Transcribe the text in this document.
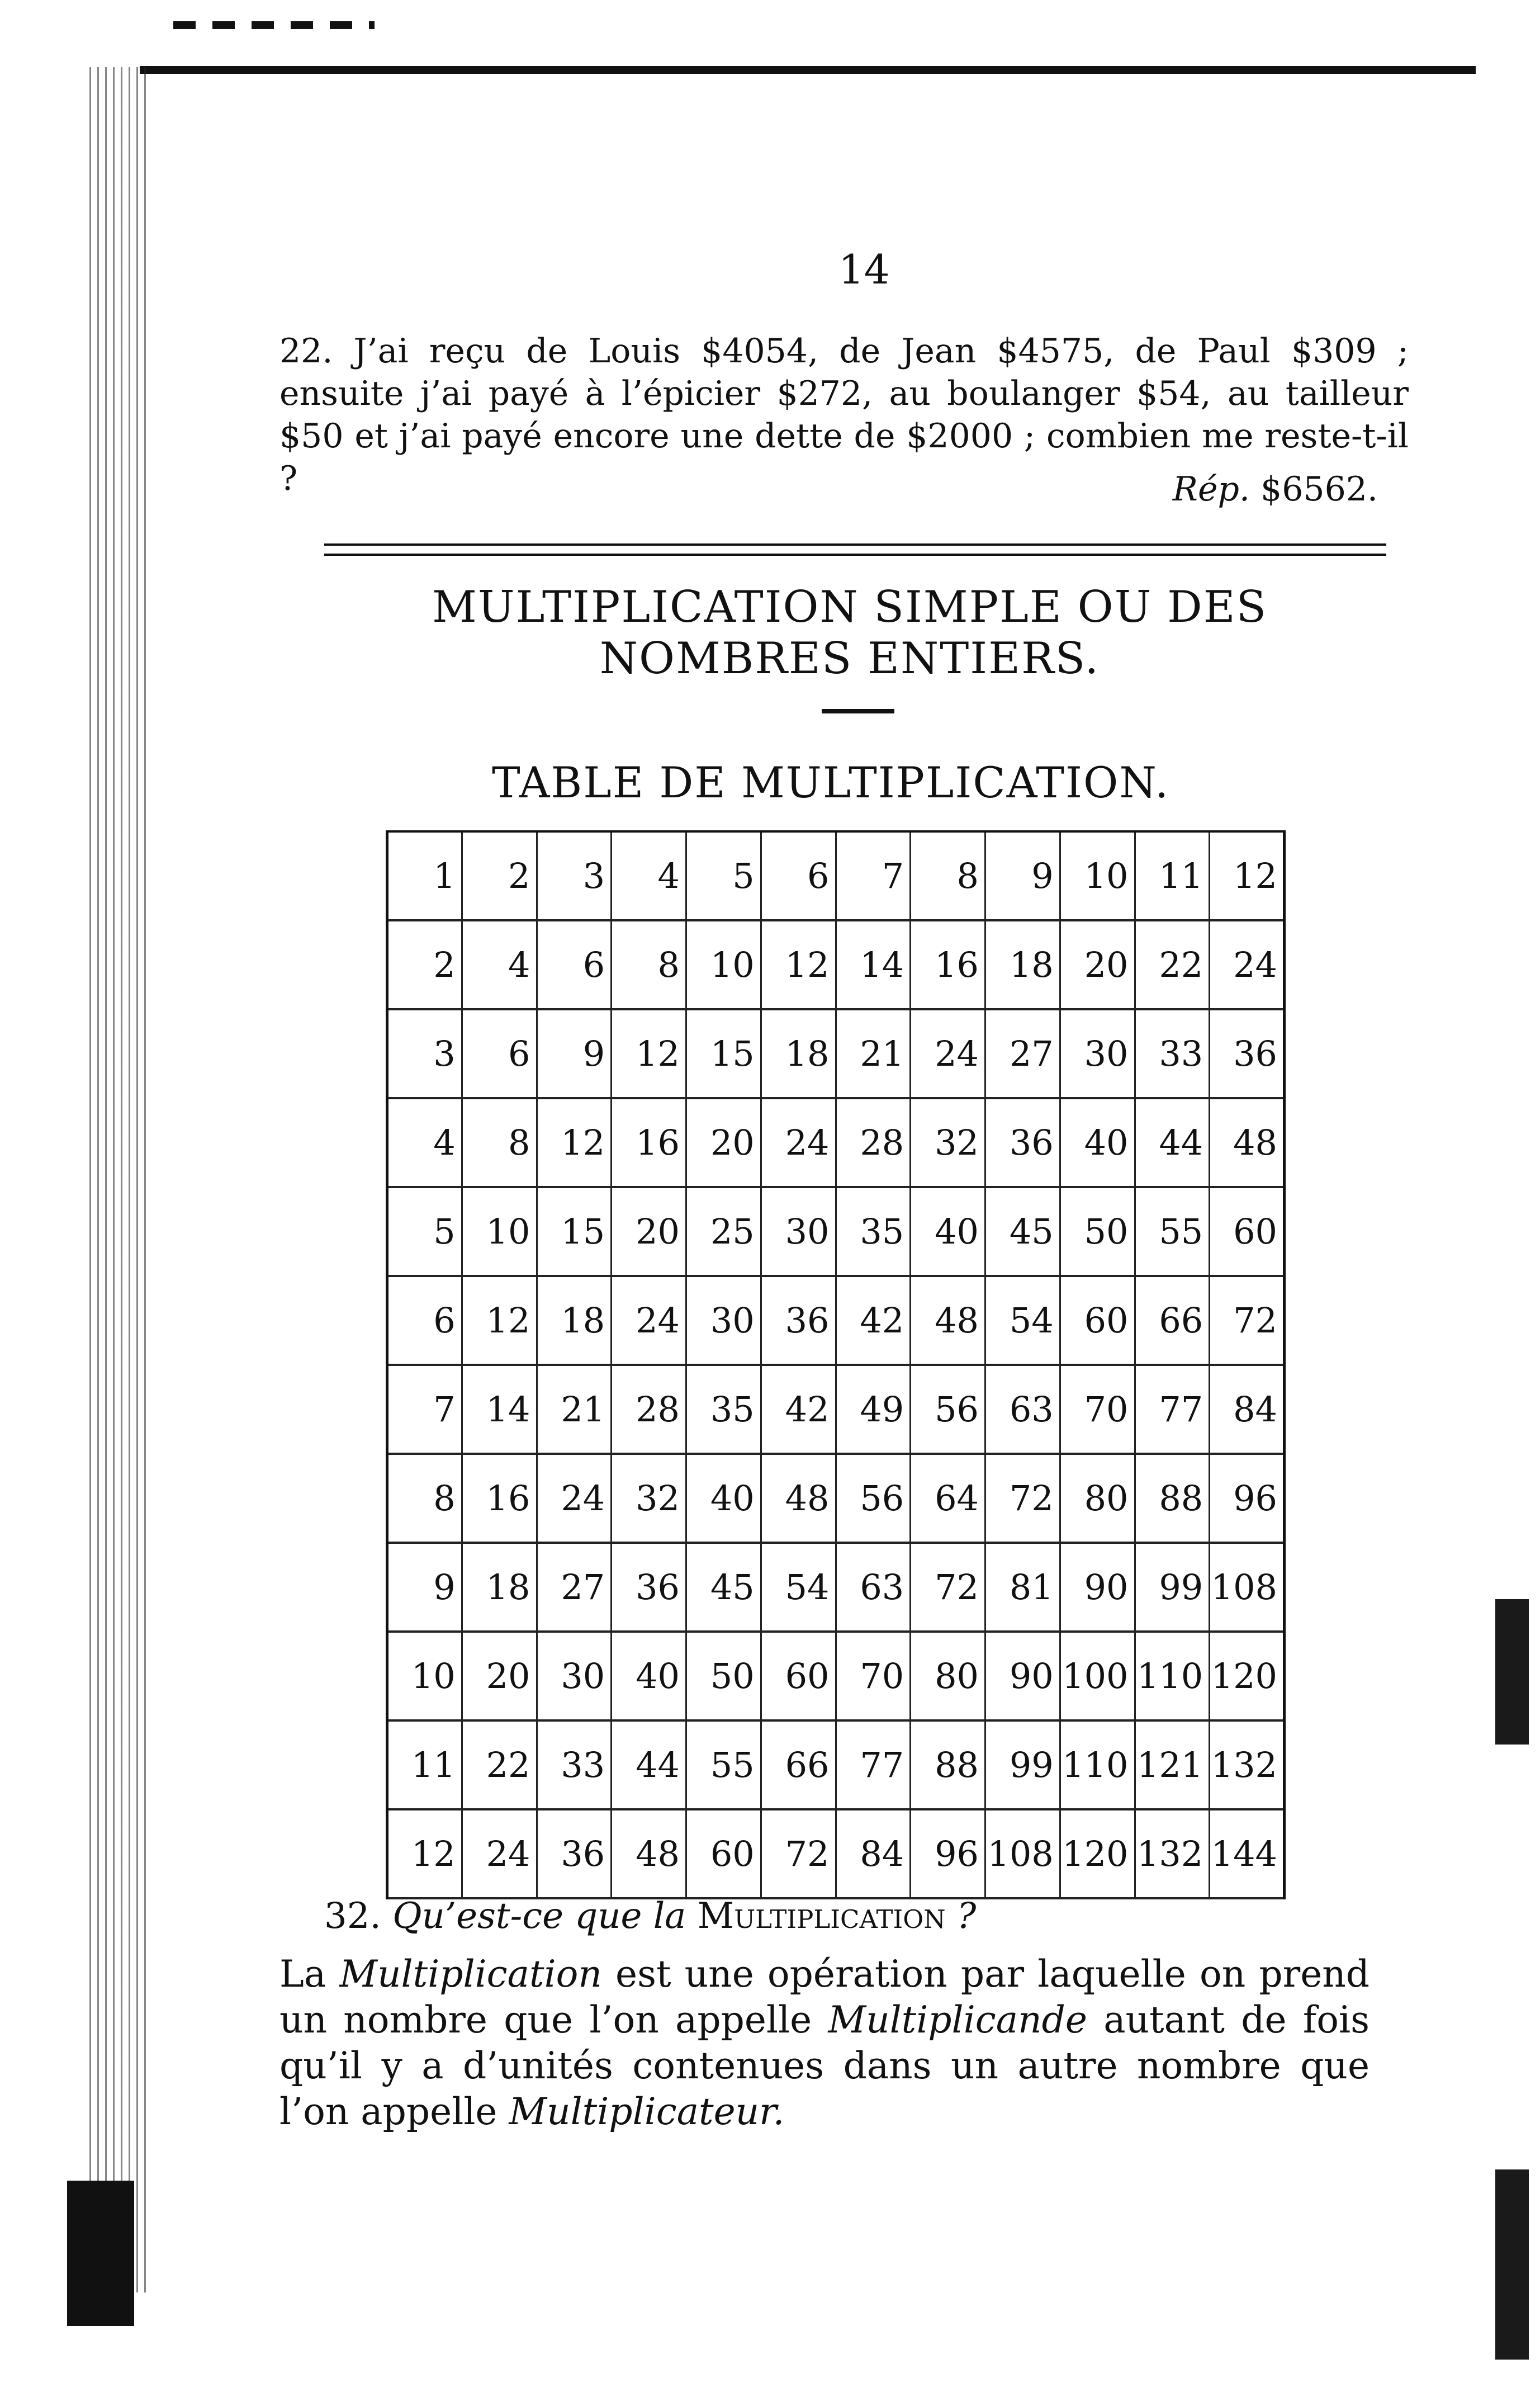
14
22. J’ai reçu de Louis $4054, de Jean $4575, de Paul $309 ; ensuite j’ai payé à l’épicier $272, au boulanger $54, au tailleur $50 et j’ai payé encore une dette de $2000 ; combien me reste-t-il ?	Rép. $6562.
MULTIPLICATION SIMPLE OU DES NOMBRES ENTIERS.
TABLE DE MULTIPLICATION.
1	2	3	4	5	6	7	8	9	10	11	12
2	4	6	8	10	12	14	16	18	20	22	24
3	6	9	12	15	18	21	24	27	30	33	36
4	8	12	16	20	24	28	32	36	40	44	48
5	10	15	20	25	30	35	40	45	50	55	60
6	12	18	24	30	36	42	48	54	60	66	72
7	14	21	28	35	42	49	56	63	70	77	84
8	16	24	32	40	48	56	64	72	80	88	96
9	18	27	36	45	54	63	72	81	90	99	108
10	20	30	40	50	60	70	80	90	100	110	120
11	22	33	44	55	66	77	88	99	110	121	132
12	24	36	48	60	72	84	96	108	120	132	144
32. Qu’est-ce que la Multiplication ?
La Multiplication est une opération par laquelle on prend un nombre que l’on appelle Multiplicande autant de fois qu’il y a d’unités contenues dans un autre nombre que l’on appelle Multiplicateur.
